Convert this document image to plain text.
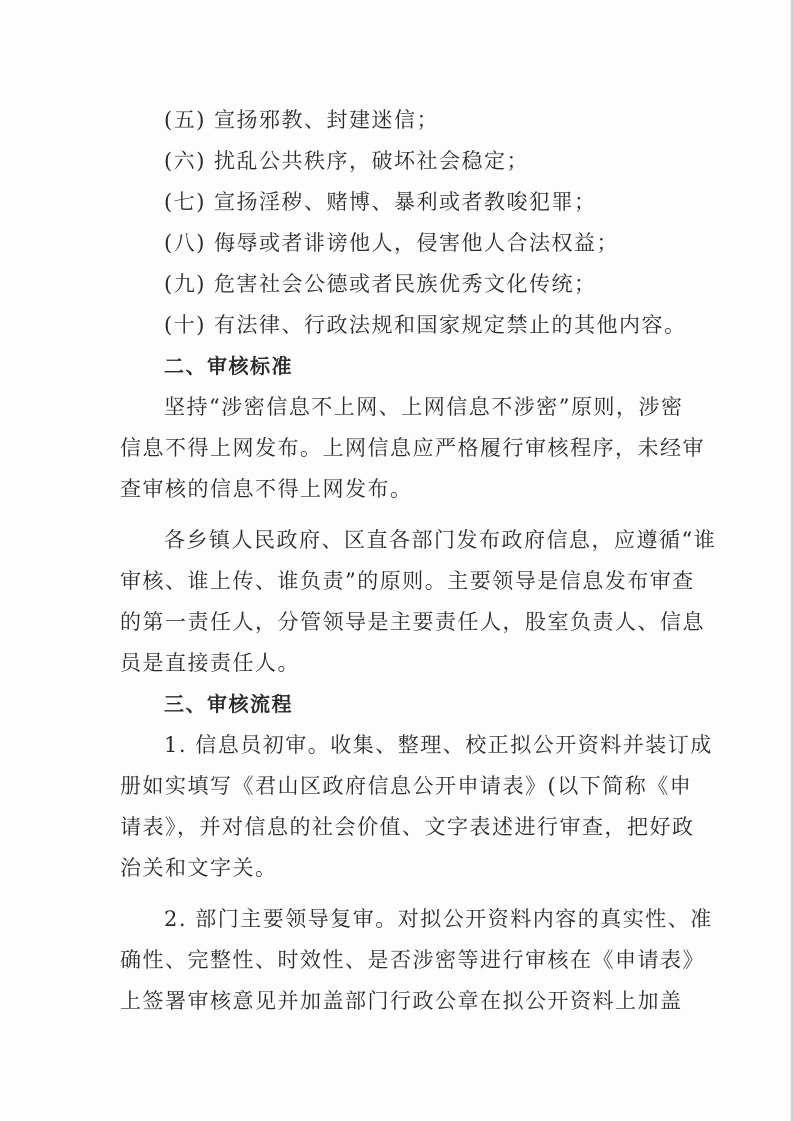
(五) 宣扬邪教、封建迷信；
(六) 扰乱公共秩序，破坏社会稳定；
(七) 宣扬淫秽、赌博、暴利或者教唆犯罪；
(八) 侮辱或者诽谤他人，侵害他人合法权益；
(九) 危害社会公德或者民族优秀文化传统；
(十) 有法律、行政法规和国家规定禁止的其他内容。
二、审核标准
坚持“涉密信息不上网、上网信息不涉密”原则，涉密
信息不得上网发布。上网信息应严格履行审核程序，未经审
查审核的信息不得上网发布。
各乡镇人民政府、区直各部门发布政府信息，应遵循“谁
审核、谁上传、谁负责”的原则。主要领导是信息发布审查
的第一责任人，分管领导是主要责任人，股室负责人、信息
员是直接责任人。
三、审核流程
1. 信息员初审。收集、整理、校正拟公开资料并装订成
册如实填写《君山区政府信息公开申请表》(以下简称《申
请表》，并对信息的社会价值、文字表述进行审查，把好政
治关和文字关。
2. 部门主要领导复审。对拟公开资料内容的真实性、准
确性、完整性、时效性、是否涉密等进行审核在《申请表》
上签署审核意见并加盖部门行政公章在拟公开资料上加盖
